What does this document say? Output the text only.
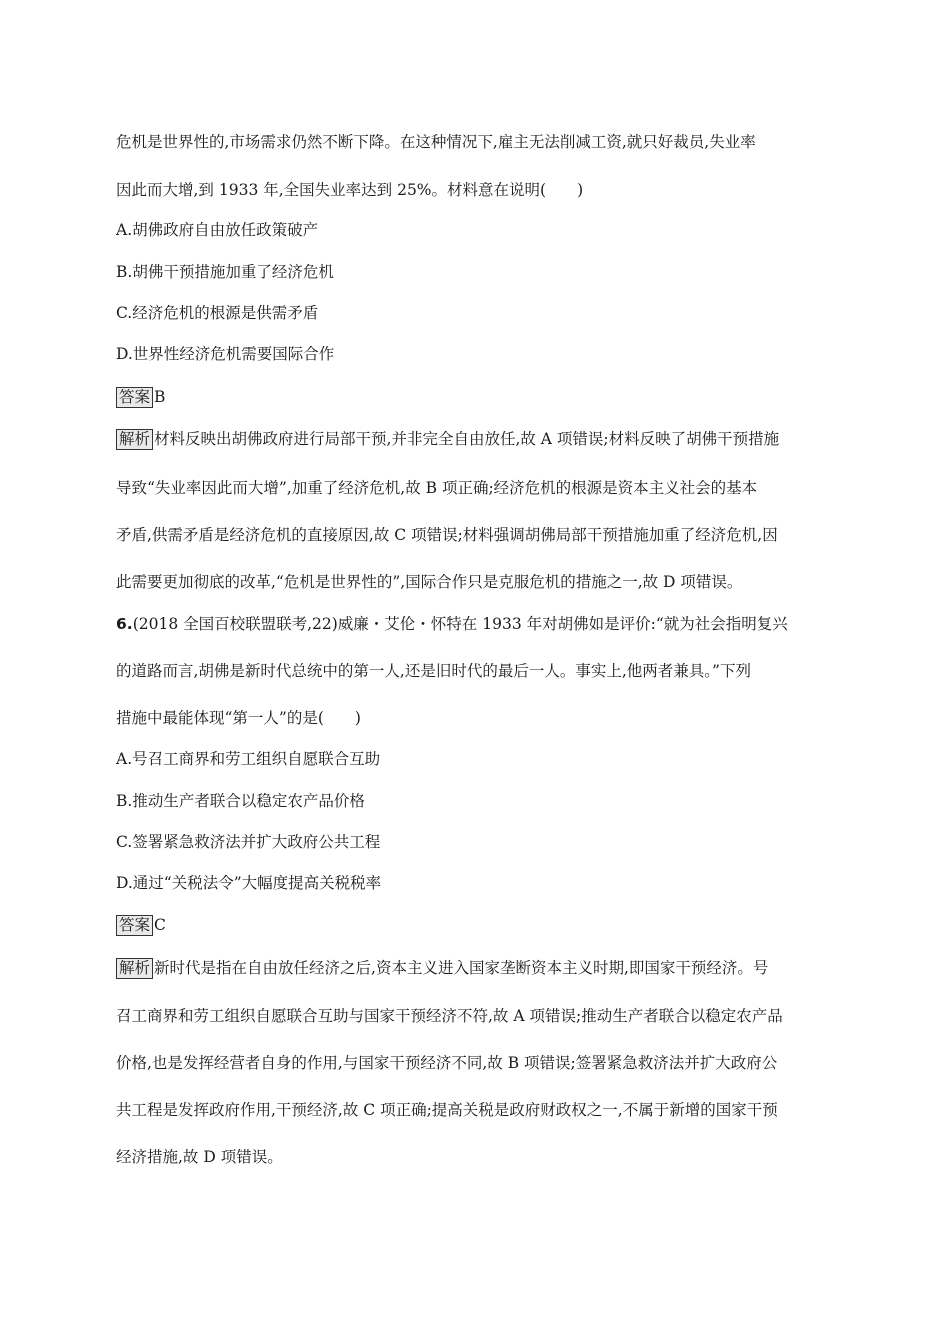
危机是世界性的,市场需求仍然不断下降。在这种情况下,雇主无法削减工资,就只好裁员,失业率
因此而大增,到 1933 年,全国失业率达到 25%。材料意在说明(　　)
A.胡佛政府自由放任政策破产
B.胡佛干预措施加重了经济危机
C.经济危机的根源是供需矛盾
D.世界性经济危机需要国际合作
答案 B
解析 材料反映出胡佛政府进行局部干预,并非完全自由放任,故 A 项错误;材料反映了胡佛干预措施
导致“失业率因此而大增”,加重了经济危机,故 B 项正确;经济危机的根源是资本主义社会的基本
矛盾,供需矛盾是经济危机的直接原因,故 C 项错误;材料强调胡佛局部干预措施加重了经济危机,因
此需要更加彻底的改革,“危机是世界性的”,国际合作只是克服危机的措施之一,故 D 项错误。
6.(2018 全国百校联盟联考,22)威廉・艾伦・怀特在 1933 年对胡佛如是评价:“就为社会指明复兴
的道路而言,胡佛是新时代总统中的第一人,还是旧时代的最后一人。事实上,他两者兼具。”下列
措施中最能体现“第一人”的是(　　)
A.号召工商界和劳工组织自愿联合互助
B.推动生产者联合以稳定农产品价格
C.签署紧急救济法并扩大政府公共工程
D.通过“关税法令”大幅度提高关税税率
答案 C
解析 新时代是指在自由放任经济之后,资本主义进入国家垄断资本主义时期,即国家干预经济。号
召工商界和劳工组织自愿联合互助与国家干预经济不符,故 A 项错误;推动生产者联合以稳定农产品
价格,也是发挥经营者自身的作用,与国家干预经济不同,故 B 项错误;签署紧急救济法并扩大政府公
共工程是发挥政府作用,干预经济,故 C 项正确;提高关税是政府财政权之一,不属于新增的国家干预
经济措施,故 D 项错误。
